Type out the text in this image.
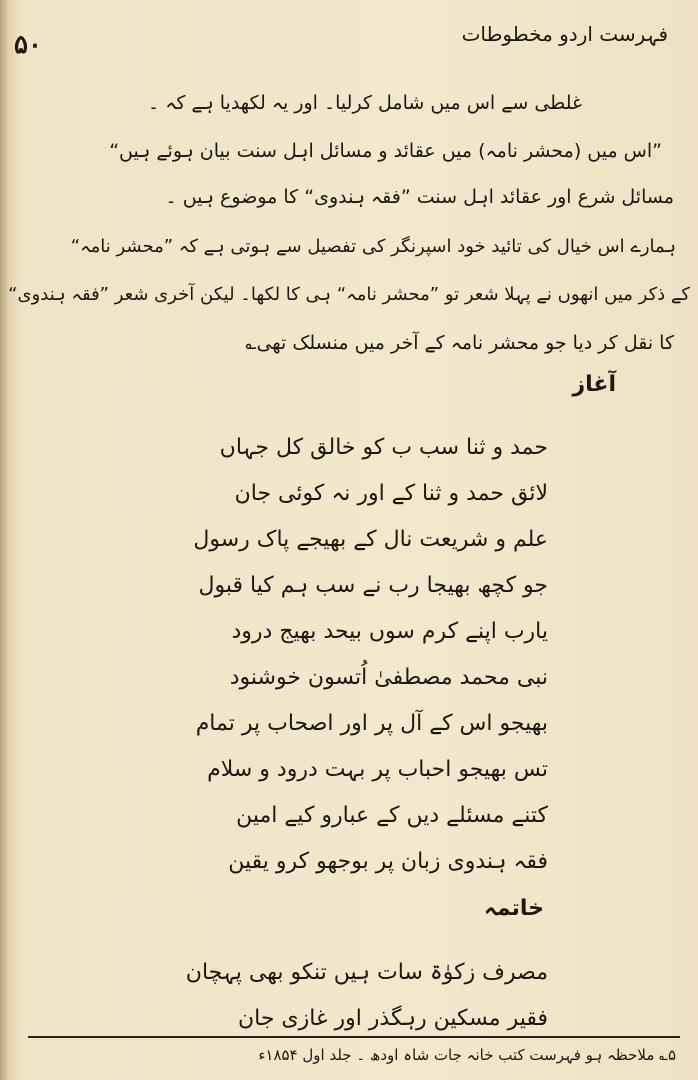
۵۰	فہرست اردو مخطوطات
غلطی سے اس میں شامل کرلیا۔ اور یہ لکھدیا ہے کہ ۔
”اس میں (محشر نامہ) میں عقائد و مسائل اہل سنت بیان ہوئے ہیں“
مسائل شرع اور عقائد اہل سنت ”فقہ ہندوی“ کا موضوع ہیں ۔
ہمارے اس خیال کی تائید خود اسپرنگر کی تفصیل سے ہوتی ہے کہ ”محشر نامہ“
کے ذکر میں انھوں نے پہلا شعر تو ”محشر نامہ“ ہی کا لکھا۔ لیکن آخری شعر ”فقہ ہندوی“
کا نقل کر دیا جو محشر نامہ کے آخر میں منسلک تھی؎
آغاز
حمد و ثنا سب ب کو خالق کل جہاں
لائق حمد و ثنا کے اور نہ کوئی جان
علم و شریعت نال کے بھیجے پاک رسول
جو کچھ بھیجا رب نے سب ہم کیا قبول
یارب اپنے کرم سوں بیحد بھیج درود
نبی محمد مصطفیٰ اُتسون خوشنود
بھیجو اس کے آل پر اور اصحاب پر تمام
تس بھیجو احباب پر بہت درود و سلام
کتنے مسئلے دیں کے عبارو کیے امین
فقہ ہندوی زبان پر بوجھو کرو یقین
خاتمہ
مصرف زکوٰۃ سات ہیں تنکو بھی پہچان
فقیر مسکین رہگذر اور غازی جان
۵؎ ملاحظہ ہو فہرست کتب خانہ جات شاہ اودھ ۔ جلد اول ۱۸۵۴ء
